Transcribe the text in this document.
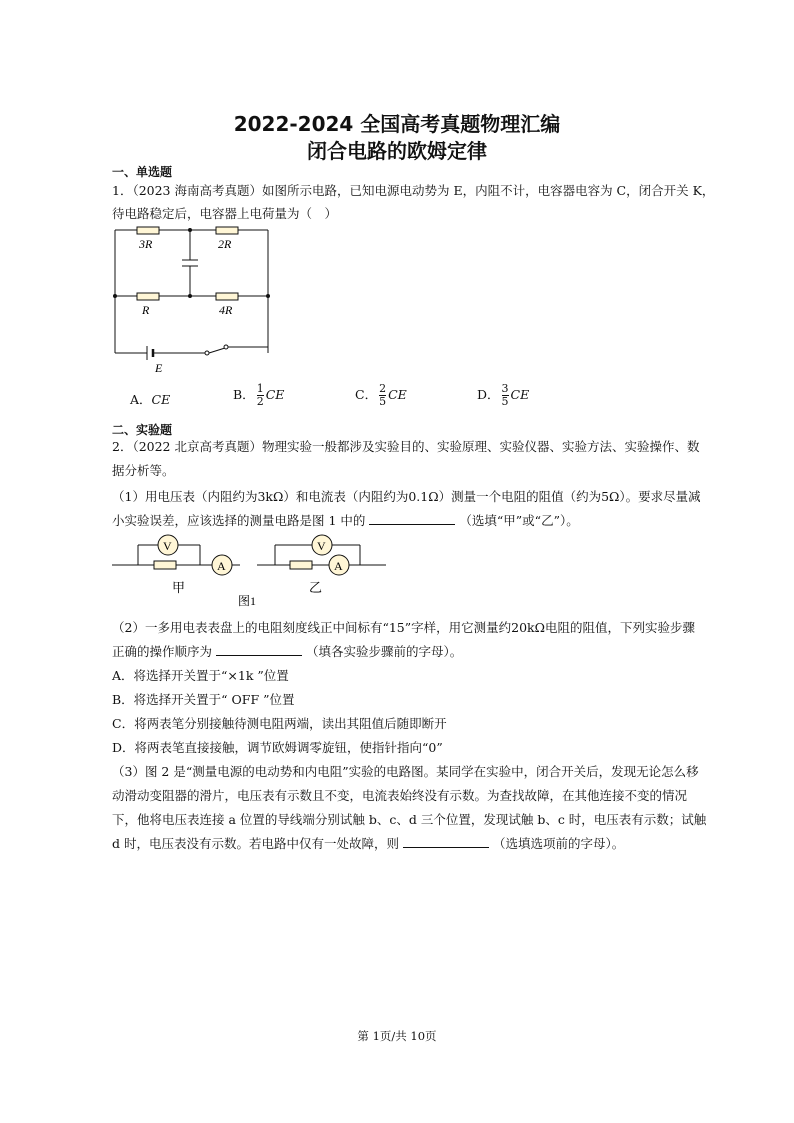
2022-2024 全国高考真题物理汇编
闭合电路的欧姆定律
一、单选题
1．（2023 海南高考真题）如图所示电路，已知电源电动势为 E，内阻不计，电容器电容为 C，闭合开关 K，
待电路稳定后，电容器上电荷量为（　）
3R	2R
R	4R
E
A．CE	B． $\frac{1}{2}$ CE	C． $\frac{2}{5}$ CE	D． $\frac{3}{5}$ CE
二、实验题
2．（2022 北京高考真题）物理实验一般都涉及实验目的、实验原理、实验仪器、实验方法、实验操作、数
据分析等。
（1）用电压表（内阻约为3kΩ）和电流表（内阻约为0.1Ω）测量一个电阻的阻值（约为5Ω）。要求尽量减
小实验误差，应该选择的测量电路是图 1 中的	（选填“甲”或“乙”）。
V
A
V
A
甲	乙
图1
（2）一多用电表表盘上的电阻刻度线正中间标有“15”字样，用它测量约20kΩ电阻的阻值，下列实验步骤
正确的操作顺序为	（填各实验步骤前的字母）。
A．将选择开关置于“×1k ”位置
B．将选择开关置于“ OFF ”位置
C．将两表笔分别接触待测电阻两端，读出其阻值后随即断开
D．将两表笔直接接触，调节欧姆调零旋钮，使指针指向“0”
（3）图 2 是“测量电源的电动势和内电阻”实验的电路图。某同学在实验中，闭合开关后，发现无论怎么移
动滑动变阻器的滑片，电压表有示数且不变，电流表始终没有示数。为查找故障，在其他连接不变的情况
下，他将电压表连接 a 位置的导线端分别试触 b、c、d 三个位置，发现试触 b、c 时，电压表有示数；试触
d 时，电压表没有示数。若电路中仅有一处故障，则	（选填选项前的字母）。
第 1页/共 10页
